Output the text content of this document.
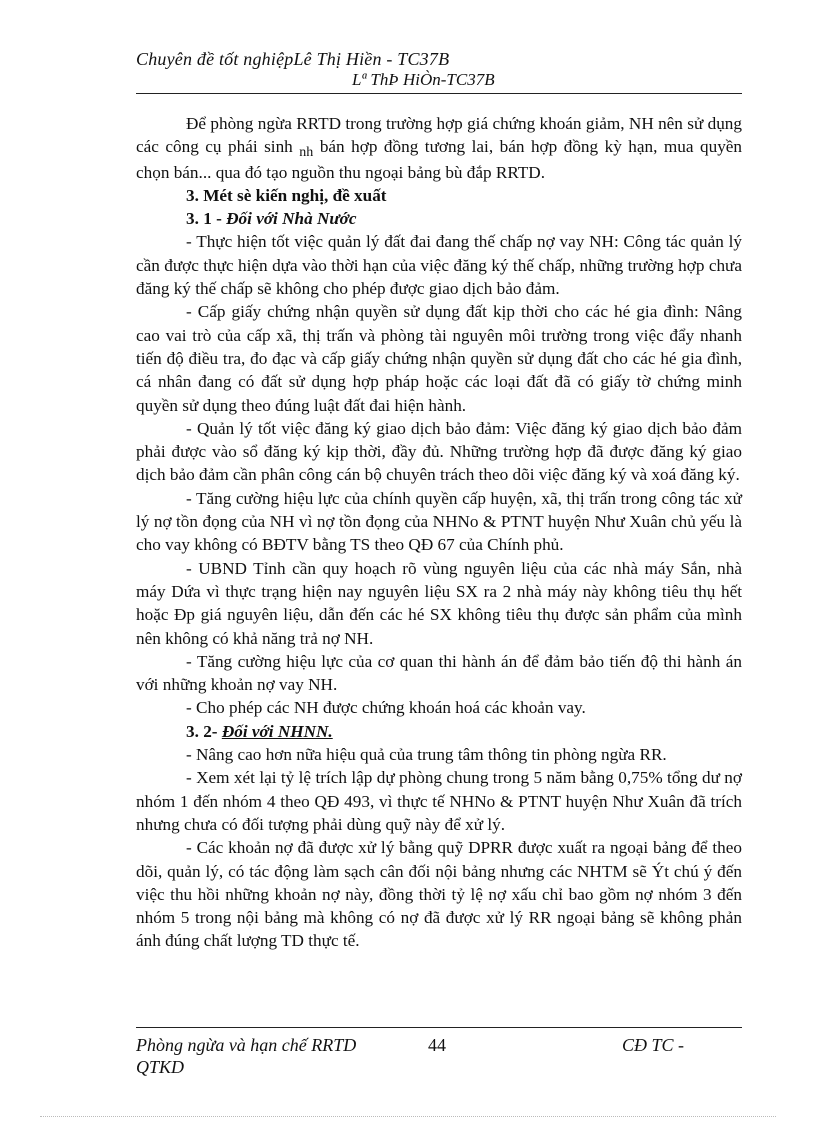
Chuyên đề tốt nghiệpLê Thị Hiền - TC37B
Lª ThÞ HiÒn-TC37B

Để phòng ngừa RRTD trong trường hợp giá chứng khoán giảm, NH nên sử dụng các công cụ phái sinh $_{nh}$ bán hợp đồng tương lai, bán hợp đồng kỳ hạn, mua quyền chọn bán... qua đó tạo nguồn thu ngoại bảng bù đắp RRTD.

3. Mét sè kiến nghị, đề xuất

3. 1 - Đối với Nhà Nước

- Thực hiện tốt việc quản lý đất đai đang thế chấp nợ vay NH: Công tác quản lý cần được thực hiện dựa vào thời hạn của việc đăng ký thế chấp, những trường hợp chưa đăng ký thế chấp sẽ không cho phép được giao dịch bảo đảm.

- Cấp giấy chứng nhận quyền sử dụng đất kịp thời cho các hé gia đình: Nâng cao vai trò của cấp xã, thị trấn và phòng tài nguyên môi trường trong việc đẩy nhanh tiến độ điều tra, đo đạc và cấp giấy chứng nhận quyền sử dụng đất cho các hé gia đình, cá nhân đang có đất sử dụng hợp pháp hoặc các loại đất đã có giấy tờ chứng minh quyền sử dụng theo đúng luật đất đai hiện hành.

- Quản lý tốt việc đăng ký giao dịch bảo đảm: Việc đăng ký giao dịch bảo đảm phải được vào sổ đăng ký kịp thời, đầy đủ. Những trường hợp đã được đăng ký giao dịch bảo đảm cần phân công cán bộ chuyên trách theo dõi việc đăng ký và xoá đăng ký.

- Tăng cường hiệu lực của chính quyền cấp huyện, xã, thị trấn trong công tác xử lý nợ tồn đọng của NH vì nợ tồn đọng của NHNo & PTNT huyện Như Xuân chủ yếu là cho vay không có BĐTV bằng TS theo QĐ 67 của Chính phủ.

- UBND Tỉnh cần quy hoạch rõ vùng nguyên liệu của các nhà máy Sắn, nhà máy Dứa vì thực trạng hiện nay nguyên liệu SX ra 2 nhà máy này không tiêu thụ hết hoặc Ðp giá nguyên liệu, dẫn đến các hé SX không tiêu thụ được sản phẩm của mình nên không có khả năng trả nợ NH.

- Tăng cường hiệu lực của cơ quan thi hành án để đảm bảo tiến độ thi hành án với những khoản nợ vay NH.

- Cho phép các NH được chứng khoán hoá các khoản vay.

3. 2- Đối với NHNN.

- Nâng cao hơn nữa hiệu quả của trung tâm thông tin phòng ngừa RR.

- Xem xét lại tỷ lệ trích lập dự phòng chung trong 5 năm bằng 0,75% tổng dư nợ nhóm 1 đến nhóm 4 theo QĐ 493, vì thực tế NHNo & PTNT huyện Như Xuân đã trích nhưng chưa có đối tượng phải dùng quỹ này để xử lý.

- Các khoản nợ đã được xử lý bằng quỹ DPRR được xuất ra ngoại bảng để theo dõi, quản lý, có tác động làm sạch cân đối nội bảng nhưng các NHTM sẽ Ýt chú ý đến việc thu hồi những khoản nợ này, đồng thời tỷ lệ nợ xấu chỉ bao gồm nợ nhóm 3 đến nhóm 5 trong nội bảng mà không có nợ đã được xử lý RR ngoại bảng sẽ không phản ánh đúng chất lượng TD thực tế.

Phòng ngừa và hạn chế RRTD	44	CĐ TC -
QTKD
